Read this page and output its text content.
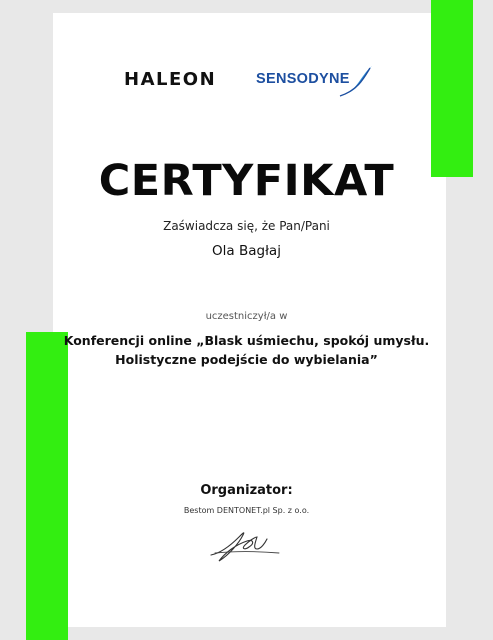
HALEON	SENSODYNE
CERTYFIKAT
Zaświadcza się, że Pan/Pani
Ola Bagłaj
uczestniczył/a w
Konferencji online „Blask uśmiechu, spokój umysłu.
Holistyczne podejście do wybielania”
Organizator:
Bestom DENTONET.pl Sp. z o.o.
